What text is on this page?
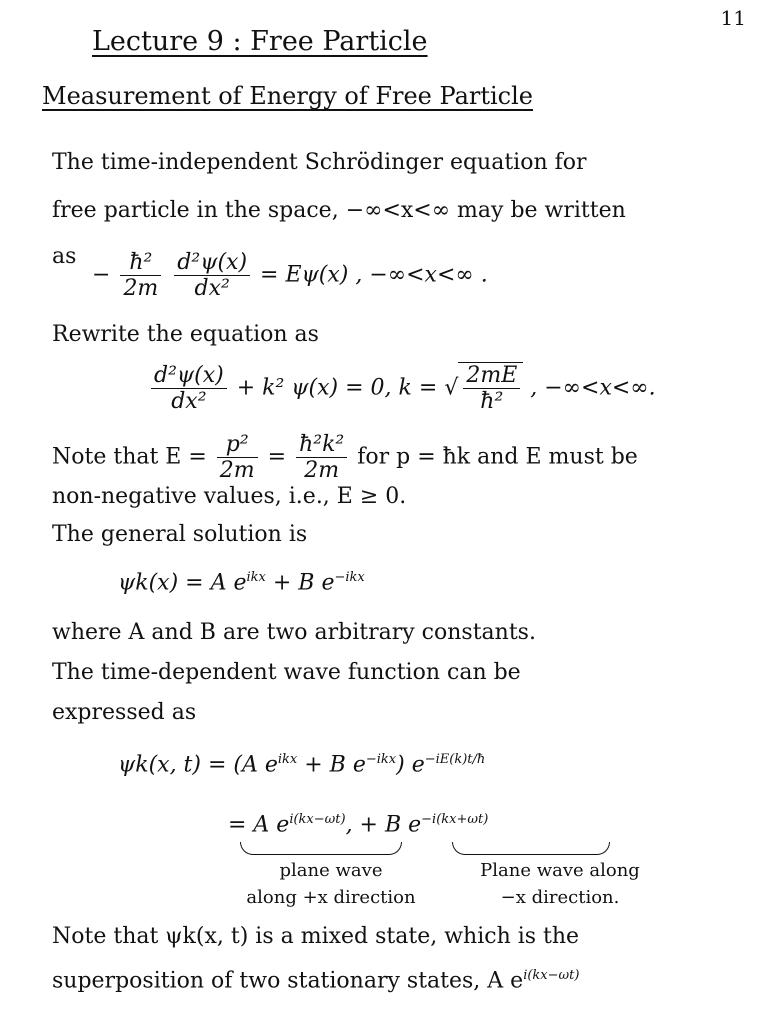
11
Lecture 9 : Free Particle
Measurement of Energy of Free Particle
The time-independent Schrödinger equation for
free particle in the space, −∞<x<∞ may be written
as
− $\frac{\text{ħ²}}{2m}$
$\frac{\text{d²ψ(x)}}{\text{dx²}} = E\psi(x)$ , −∞<x<∞ .
Rewrite the equation as
$\frac{\text{d²ψ(x)}}{\text{dx²}} + k^2$ ψ(x) = 0, k = √ $\frac{2mE}{\text{ħ²}}$ , −∞<x<∞.
Note that $E = \frac{\text{p²}}{2m} = \frac{\text{ħ²k²}}{2m}$ for p = ħk and E must be
non-negative values, i.e., E ≥ 0.
The general solution is
ψk(x) = A $e^{ikx} + B$ $e^{-ikx}$
where A and B are two arbitrary constants.
The time-dependent wave function can be
expressed as
ψk(x, t) = (A $e^{ikx} + B$ $e^{-ikx}$) $e^{-iE(k)t/ħ}$
= A $e^{i(kx-\omega t)}$, + B $e^{-i(kx+\omega t)}$
plane wave
along +x direction
Plane wave along
−x direction.
Note that ψk(x, t) is a mixed state, which is the
superposition of two stationary states, A $e^{i(kx-\omega t)}$
